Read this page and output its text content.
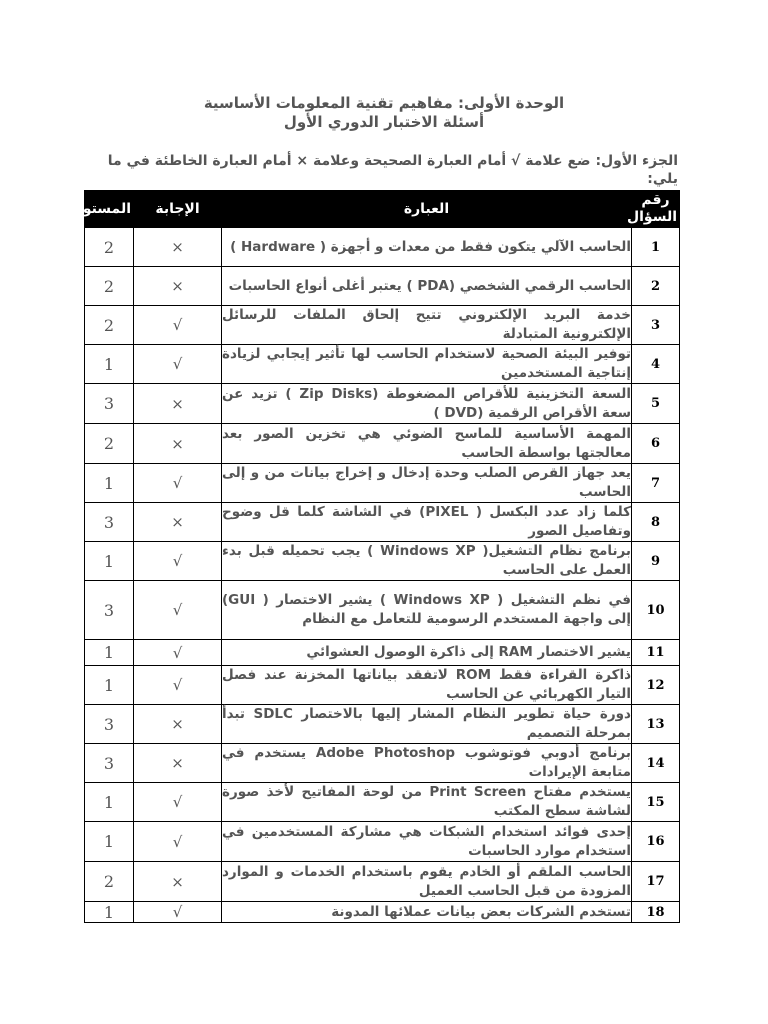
الوحدة الأولى: مفاهيم تقنية المعلومات الأساسية
أسئلة الاختبار الدوري الأول
الجزء الأول: ضع علامة √ أمام العبارة الصحيحة وعلامة × أمام العبارة الخاطئة في ما يلي:
رقم السؤال	العبارة	الإجابة	المستوى
1	الحاسب الآلي يتكون فقط من معدات و أجهزة ( Hardware )	×	2
2	الحاسب الرقمي الشخصي (PDA ) يعتبر أغلى أنواع الحاسبات	×	2
3	خدمة البريد الإلكتروني تتيح إلحاق الملفات للرسائل الإلكترونية المتبادلة	√	2
4	توفير البيئة الصحية لاستخدام الحاسب لها تأثير إيجابي لزيادة إنتاجية المستخدمين	√	1
5	السعة التخزينية للأقراص المضغوطة (Zip Disks ) تزيد عن سعة الأقراص الرقمية (DVD )	×	3
6	المهمة الأساسية للماسح الضوئي هي تخزين الصور بعد معالجتها بواسطة الحاسب	×	2
7	يعد جهاز القرص الصلب وحدة إدخال و إخراج بيانات من و إلى الحاسب	√	1
8	كلما زاد عدد البكسل ( PIXEL) في الشاشة كلما قل وضوح وتفاصيل الصور	×	3
9	برنامج نظام التشغيل( Windows XP ) يجب تحميله قبل بدء العمل على الحاسب	√	1
10	في نظم التشغيل ( Windows XP ) يشير الاختصار ( GUI) إلى واجهة المستخدم الرسومية للتعامل مع النظام	√	3
11	يشير الاختصار RAM إلى ذاكرة الوصول العشوائي	√	1
12	ذاكرة القراءة فقط ROM لاتفقد بياناتها المخزنة عند فصل التيار الكهربائي عن الحاسب	√	1
13	دورة حياة تطوير النظام المشار إليها بالاختصار SDLC تبدأ بمرحلة التصميم	×	3
14	برنامج أدوبي فوتوشوب Adobe Photoshop يستخدم في متابعة الإيرادات	×	3
15	يستخدم مفتاح Print Screen من لوحة المفاتيح لأخذ صورة لشاشة سطح المكتب	√	1
16	إحدى فوائد استخدام الشبكات هي مشاركة المستخدمين في استخدام موارد الحاسبات	√	1
17	الحاسب الملقم أو الخادم يقوم باستخدام الخدمات و الموارد المزودة من قبل الحاسب العميل	×	2
18	تستخدم الشركات بعض بيانات عملائها المدونة	√	1
